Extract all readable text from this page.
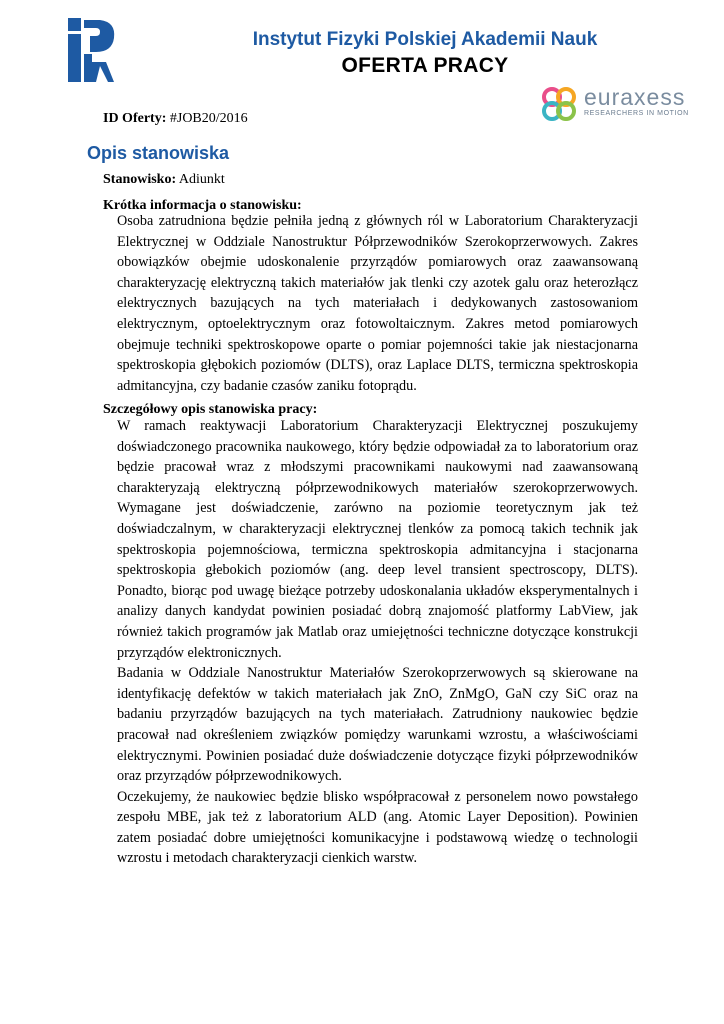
Instytut Fizyki Polskiej Akademii Nauk
OFERTA PRACY
euraxess
RESEARCHERS IN MOTION
ID Oferty: #JOB20/2016
Opis stanowiska
Stanowisko: Adiunkt
Krótka informacja o stanowisku:

Osoba zatrudniona będzie pełniła jedną z głównych ról w Laboratorium Charakteryzacji Elektrycznej w Oddziale Nanostruktur Półprzewodników Szerokoprzerwowych. Zakres obowiązków obejmie udoskonalenie przyrządów pomiarowych oraz zaawansowaną charakteryzację elektryczną takich materiałów jak tlenki czy azotek galu oraz heterozłącz elektrycznych bazujących na tych materiałach i dedykowanych zastosowaniom elektrycznym, optoelektrycznym oraz fotowoltaicznym. Zakres metod pomiarowych obejmuje techniki spektroskopowe oparte o pomiar pojemności takie jak niestacjonarna spektroskopia głębokich poziomów (DLTS), oraz Laplace DLTS, termiczna spektroskopia admitancyjna, czy badanie czasów zaniku fotoprądu.

Szczegółowy opis stanowiska pracy:

W ramach reaktywacji Laboratorium Charakteryzacji Elektrycznej poszukujemy doświadczonego pracownika naukowego, który będzie odpowiadał za to laboratorium oraz będzie pracował wraz z młodszymi pracownikami naukowymi nad zaawansowaną charakteryzają elektryczną półprzewodnikowych materiałów szerokoprzerwowych. Wymagane jest doświadczenie, zarówno na poziomie teoretycznym jak też doświadczalnym, w charakteryzacji elektrycznej tlenków za pomocą takich technik jak spektroskopia pojemnościowa, termiczna spektroskopia admitancyjna i stacjonarna spektroskopia głebokich poziomów (ang. deep level transient spectroscopy, DLTS). Ponadto, biorąc pod uwagę bieżące potrzeby udoskonalania układów eksperymentalnych i analizy danych kandydat powinien posiadać dobrą znajomość platformy LabView, jak również takich programów jak Matlab oraz umiejętności techniczne dotyczące konstrukcji przyrządów elektronicznych.

Badania w Oddziale Nanostruktur Materiałów Szerokoprzerwowych są skierowane na identyfikację defektów w takich materiałach jak ZnO, ZnMgO, GaN czy SiC oraz na badaniu przyrządów bazujących na tych materiałach. Zatrudniony naukowiec będzie pracował nad określeniem związków pomiędzy warunkami wzrostu, a właściwościami elektrycznymi. Powinien posiadać duże doświadczenie dotyczące fizyki półprzewodników oraz przyrządów półprzewodnikowych.

Oczekujemy, że naukowiec będzie blisko współpracował z personelem nowo powstałego zespołu MBE, jak też z laboratorium ALD (ang. Atomic Layer Deposition). Powinien zatem posiadać dobre umiejętności komunikacyjne i podstawową wiedzę o technologii wzrostu i metodach charakteryzacji cienkich warstw.
